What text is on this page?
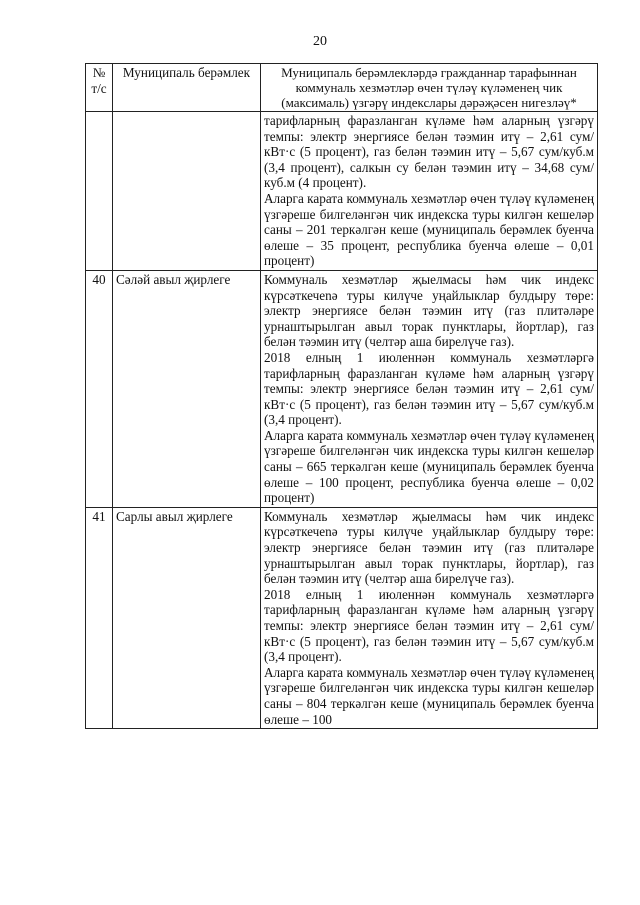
20
№ т/с	Муниципаль берәмлек	Муниципаль берәмлекләрдә гражданнар тарафыннан коммуналь хезмәтләр өчен түләү күләменең чик (максималь) үзгәрү индекслары дәрәҗәсен нигезләү*

		тарифларның фаразланган күләме һәм аларның үзгәрү темпы: электр энергиясе белән тәэмин итү – 2,61 сум/кВт·с (5 процент), газ белән тәэмин итү – 5,67 сум/куб.м (3,4 процент), салкын су белән тәэмин итү – 34,68 сум/куб.м (4 процент).

Аларга карата коммуналь хезмәтләр өчен түләү күләменең үзгәреше билгеләнгән чик индекска туры килгән кешеләр саны – 201 теркәлгән кеше (муниципаль берәмлек буенча өлеше – 35 процент, республика буенча өлеше – 0,01 процент)

40	Сәләй авыл җирлеге	Коммуналь хезмәтләр җыелмасы һәм чик индекс күрсәткечenә туры килүче уңайлыклар булдыру төре: электр энергиясе белән тәэмин итү (газ плитәләре урнаштырылган авыл торак пунктлары, йортлар), газ белән тәэмин итү (челтәр аша бирелүче газ).

2018 елның 1 июленнән коммуналь хезмәтләргә тарифларның фаразланган күләме һәм аларның үзгәрү темпы: электр энергиясе белән тәэмин итү – 2,61 сум/кВт·с (5 процент), газ белән тәэмин итү – 5,67 сум/куб.м (3,4 процент).

Аларга карата коммуналь хезмәтләр өчен түләү күләменең үзгәреше билгеләнгән чик индекска туры килгән кешеләр саны – 665 теркәлгән кеше (муниципаль берәмлек буенча өлеше – 100 процент, республика буенча өлеше – 0,02 процент)

41	Сарлы авыл җирлеге	Коммуналь хезмәтләр җыелмасы һәм чик индекс күрсәткечenә туры килүче уңайлыклар булдыру төре: электр энергиясе белән тәэмин итү (газ плитәләре урнаштырылган авыл торак пунктлары, йортлар), газ белән тәэмин итү (челтәр аша бирелүче газ).

2018 елның 1 июленнән коммуналь хезмәтләргә тарифларның фаразланган күләме һәм аларның үзгәрү темпы: электр энергиясе белән тәэмин итү – 2,61 сум/кВт·с (5 процент), газ белән тәэмин итү – 5,67 сум/куб.м (3,4 процент).

Аларга карата коммуналь хезмәтләр өчен түләү күләменең үзгәреше билгеләнгән чик индекска туры килгән кешеләр саны – 804 теркәлгән кеше (муниципаль берәмлек буенча өлеше – 100
